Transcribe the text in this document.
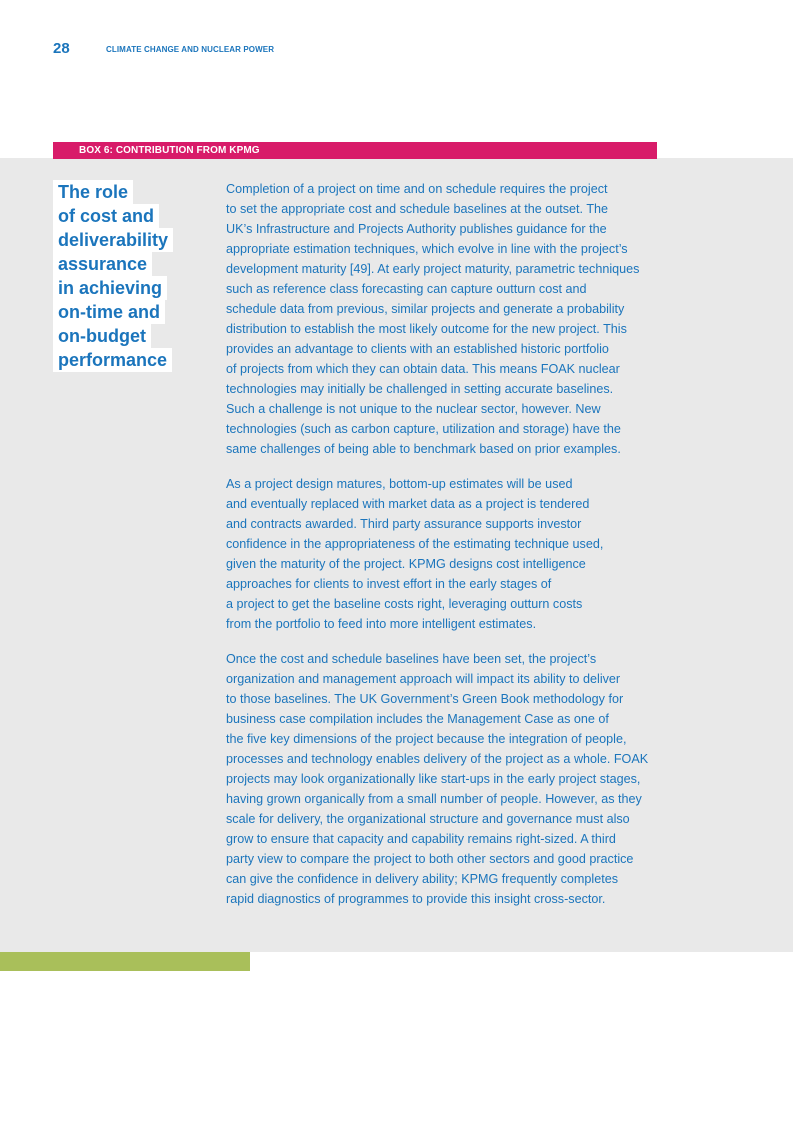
28	CLIMATE CHANGE AND NUCLEAR POWER
BOX 6: CONTRIBUTION FROM KPMG
The role
of cost and
deliverability
assurance
in achieving
on-time and
on-budget
performance

Completion of a project on time and on schedule requires the project
to set the appropriate cost and schedule baselines at the outset. The
UK’s Infrastructure and Projects Authority publishes guidance for the
appropriate estimation techniques, which evolve in line with the project’s
development maturity [49]. At early project maturity, parametric techniques
such as reference class forecasting can capture outturn cost and
schedule data from previous, similar projects and generate a probability
distribution to establish the most likely outcome for the new project. This
provides an advantage to clients with an established historic portfolio
of projects from which they can obtain data. This means FOAK nuclear
technologies may initially be challenged in setting accurate baselines.
Such a challenge is not unique to the nuclear sector, however. New
technologies (such as carbon capture, utilization and storage) have the
same challenges of being able to benchmark based on prior examples.

As a project design matures, bottom-up estimates will be used
and eventually replaced with market data as a project is tendered
and contracts awarded. Third party assurance supports investor
confidence in the appropriateness of the estimating technique used,
given the maturity of the project. KPMG designs cost intelligence
approaches for clients to invest effort in the early stages of
a project to get the baseline costs right, leveraging outturn costs
from the portfolio to feed into more intelligent estimates.

Once the cost and schedule baselines have been set, the project’s
organization and management approach will impact its ability to deliver
to those baselines. The UK Government’s Green Book methodology for
business case compilation includes the Management Case as one of
the five key dimensions of the project because the integration of people,
processes and technology enables delivery of the project as a whole. FOAK
projects may look organizationally like start-ups in the early project stages,
having grown organically from a small number of people. However, as they
scale for delivery, the organizational structure and governance must also
grow to ensure that capacity and capability remains right-sized. A third
party view to compare the project to both other sectors and good practice
can give the confidence in delivery ability; KPMG frequently completes
rapid diagnostics of programmes to provide this insight cross-sector.
